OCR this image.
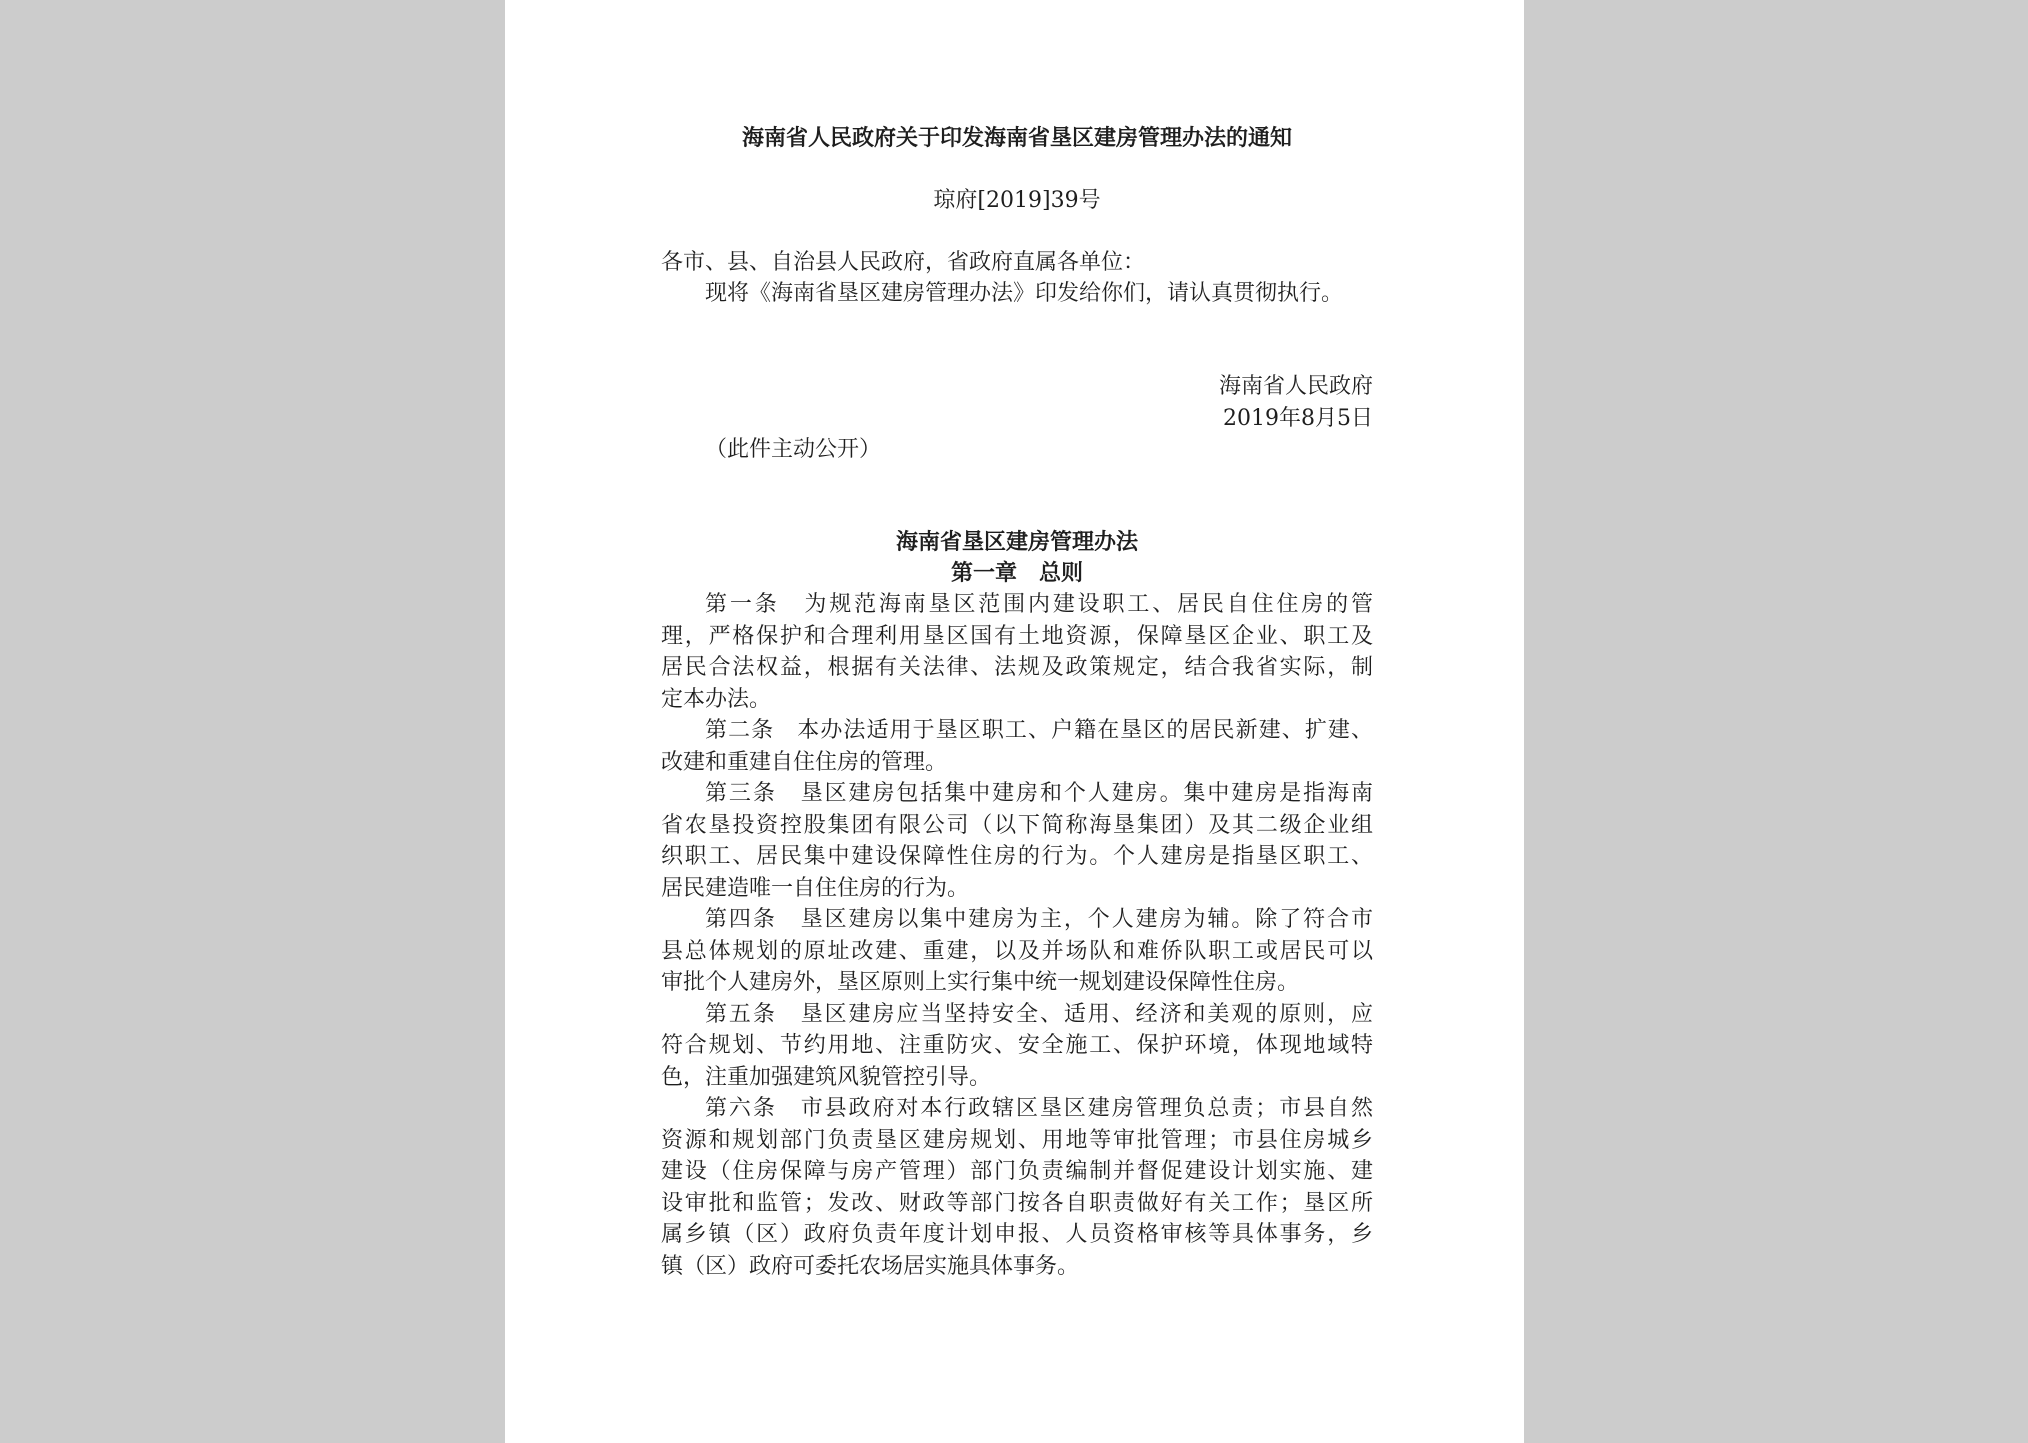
海南省人民政府关于印发海南省垦区建房管理办法的通知
琼府[2019]39号
各市、县、自治县人民政府，省政府直属各单位：
现将《海南省垦区建房管理办法》印发给你们，请认真贯彻执行。
海南省人民政府
2019年8月5日
（此件主动公开）
海南省垦区建房管理办法
第一章　总则
第一条　为规范海南垦区范围内建设职工、居民自住住房的管
理，严格保护和合理利用垦区国有土地资源，保障垦区企业、职工及
居民合法权益，根据有关法律、法规及政策规定，结合我省实际，制
定本办法。
第二条　本办法适用于垦区职工、户籍在垦区的居民新建、扩建、
改建和重建自住住房的管理。
第三条　垦区建房包括集中建房和个人建房。集中建房是指海南
省农垦投资控股集团有限公司（以下简称海垦集团）及其二级企业组
织职工、居民集中建设保障性住房的行为。个人建房是指垦区职工、
居民建造唯一自住住房的行为。
第四条　垦区建房以集中建房为主，个人建房为辅。除了符合市
县总体规划的原址改建、重建，以及并场队和难侨队职工或居民可以
审批个人建房外，垦区原则上实行集中统一规划建设保障性住房。
第五条　垦区建房应当坚持安全、适用、经济和美观的原则，应
符合规划、节约用地、注重防灾、安全施工、保护环境，体现地域特
色，注重加强建筑风貌管控引导。
第六条　市县政府对本行政辖区垦区建房管理负总责；市县自然
资源和规划部门负责垦区建房规划、用地等审批管理；市县住房城乡
建设（住房保障与房产管理）部门负责编制并督促建设计划实施、建
设审批和监管；发改、财政等部门按各自职责做好有关工作；垦区所
属乡镇（区）政府负责年度计划申报、人员资格审核等具体事务，乡
镇（区）政府可委托农场居实施具体事务。
